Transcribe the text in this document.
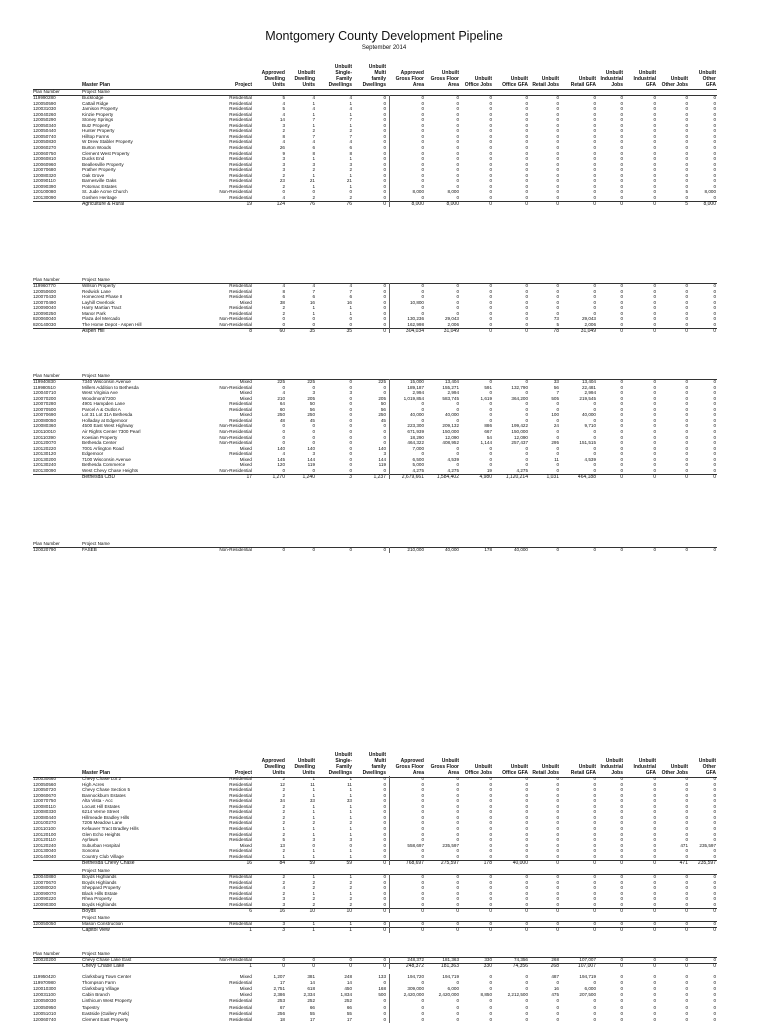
Montgomery County Development Pipeline
September 2014
Master Plan	Project
Approved
Dwelling
Units
Unbuilt
Dwelling
Units
Unbuilt
Single-
Family
Dwellings
Unbuilt
Multi
family
Dwellings
Approved
Gross Floor
Area
Unbuilt
Gross Floor
Area
Unbuilt
Office Jobs
Unbuilt
Office GFA
Unbuilt
Retail Jobs
Unbuilt
Retail GFA
Unbuilt
Industrial
Jobs
Unbuilt
Industrial
GFA
Unbuilt
Other Jobs
Unbuilt
Other
GFA
Plan Number	Project Name
119990280	Bucklodge	Residential	5	4	4	0	0	0	0	0	0	0	0	0	0	0
120050590	Cattail Ridge	Residential	4	1	1	0	0	0	0	0	0	0	0	0	0	0
120031030	Jamison Property	Residential	5	4	4	0	0	0	0	0	0	0	0	0	0	0
120040260	Kinzie Property	Residential	4	1	1	0	0	0	0	0	0	0	0	0	0	0
120050290	Stoney Springs	Residential	14	7	7	0	0	0	0	0	0	0	0	0	0	0
120050340	Butz Property	Residential	3	1	1	0	0	0	0	0	0	0	0	0	0	0
120050440	Hunter Property	Residential	2	2	2	0	0	0	0	0	0	0	0	0	0	0
120050740	Hilltop Farms	Residential	8	7	7	0	0	0	0	0	0	0	0	0	0	0
120050830	W Drew Stabler Property	Residential	4	4	4	0	0	0	0	0	0	0	0	0	0	0
120060270	Burton Woods	Residential	26	6	6	0	0	0	0	0	0	0	0	0	0	0
120060750	Clement West Property	Residential	9	8	8	0	0	0	0	0	0	0	0	0	0	0
120060810	Ducks End	Residential	3	1	1	0	0	0	0	0	0	0	0	0	0	0
120060960	Beallesville Property	Residential	3	3	3	0	0	0	0	0	0	0	0	0	0	0
120070680	Prather Property	Residential	3	2	2	0	0	0	0	0	0	0	0	0	0	0
120080320	Oak Grove	Residential	2	1	1	0	0	0	0	0	0	0	0	0	0	0
120090110	Barnesville Oaks	Residential	23	21	21	0	0	0	0	0	0	0	0	0	0	0
120090390	Potomac Estates	Residential	2	1	1	0	0	0	0	0	0	0	0	0	0	0
120100080	St. Jude Acme Church	Non-Residential	0	0	0	0	8,000	8,000	0	0	0	0	0	0	5	8,000
120130090	Goshen Heritage	Residential	4	2	2	0	0	0	0	0	0	0	0	0	0	0
Agriculture & Rural	19	124	76	76	0	8,000	8,000	0	0	0	0	0	0	5	8,000
Plan Number	Project Name
119960770	Willson Property	Residential	4	4	4	0	0	0	0	0	0	0	0	0	0	0
120050600	Redwick Lane	Residential	8	7	7	0	0	0	0	0	0	0	0	0	0	0
120070430	Homecrest Phase II	Residential	6	6	6	0	0	0	0	0	0	0	0	0	0	0
120070490	Layhill Overlook	Mixed	38	16	16	0	10,800	0	0	0	0	0	0	0	0	0
120090040	Harry Martian Tract	Residential	2	1	1	0	0	0	0	0	0	0	0	0	0	0
120090250	Manor Park	Residential	2	1	1	0	0	0	0	0	0	0	0	0	0	0
820060040	Plaza del Mercado	Non-Residential	0	0	0	0	130,236	29,043	0	0	73	29,043	0	0	0	0
820140030	The Home Depot - Aspen Hill	Non-Residential	0	0	0	0	162,998	2,006	0	0	5	2,006	0	0	0	0
Aspen Hill	8	60	35	35	0	304,034	31,049	0	0	78	31,049	0	0	0	0
Plan Number	Project Name
119940830	7340 Wisconsin Avenue	Mixed	225	225	0	225	15,000	13,404	0	0	33	13,404	0	0	0	0
119980510	Millers Addition to Bethesda	Non-Residential	0	0	0	0	189,187	155,271	591	132,790	56	22,481	0	0	0	0
120040710	West Virginia Ave	Mixed	4	3	3	0	2,994	2,994	0	0	7	2,994	0	0	0	0
120070200	Woodmont/7200	Mixed	210	205	0	205	1,019,854	583,745	1,619	364,200	505	219,545	0	0	0	0
120070280	4901 Hampden Lane	Residential	64	50	0	50	0	0	0	0	0	0	0	0	0	0
120070500	Parcel A & Outlot A	Residential	60	56	0	56	0	0	0	0	0	0	0	0	0	0
120070690	Lot 31 Lot 31A Bethesda	Mixed	250	250	0	250	40,000	40,000	0	0	100	40,000	0	0	0	0
120080050	Holladay at Edgemoor	Residential	48	45	0	45	0	0	0	0	0	0	0	0	0	0
120080360	4500 East West Highway	Non-Residential	0	0	0	0	223,300	209,132	886	199,422	24	9,710	0	0	0	0
120110010	Air Rights Center 7300 Pearl	Non-Residential	0	0	0	0	671,939	150,000	667	150,000	0	0	0	0	0	0
120110390	Koesian Property	Non-Residential	0	0	0	0	18,290	12,090	54	12,090	0	0	0	0	0	0
120120070	Bethesda Center	Non-Residential	0	0	0	0	464,322	408,952	1,144	257,437	295	151,515	0	0	0	0
120120220	7001 Arlington Road	Mixed	140	140	0	140	7,000	0	0	0	0	0	0	0	0	0
120130120	Edgemoor	Residential	4	3	0	3	0	0	0	0	0	0	0	0	0	0
120130200	7100 Wisconsin Avenue	Mixed	145	144	0	144	6,500	4,539	0	0	11	4,539	0	0	0	0
120130240	Bethesda Commerce	Mixed	120	119	0	119	5,000	0	0	0	0	0	0	0	0	0
820130090	West Chevy Chase Heights	Non-Residential	0	0	0	0	4,275	4,275	19	4,275	0	0	0	0	0	0
Bethesda CBD	17	1,270	1,240	3	1,237	2,679,661	1,584,402	4,980	1,120,214	1,031	464,188	0	0	0	0
Plan Number	Project Name
120020790	FASEB	Non-Residential	0	0	0	0	210,000	40,000	178	40,000	0	0	0	0	0	0
Master Plan	Project
Approved
Dwelling
Units
Unbuilt
Dwelling
Units
Unbuilt
Single-
Family
Dwellings
Unbuilt
Multi
family
Dwellings
Approved
Gross Floor
Area
Unbuilt
Gross Floor
Area
Unbuilt
Office Jobs
Unbuilt
Office GFA
Unbuilt
Retail Jobs
Unbuilt
Retail GFA
Unbuilt
Industrial
Jobs
Unbuilt
Industrial
GFA
Unbuilt
Other Jobs
Unbuilt
Other
GFA
120030660	Chevy Chase Lot 2	Residential	2	1	1	0	0	0	0	0	0	0	0	0	0	0
120050560	High Acres	Residential	12	11	11	0	0	0	0	0	0	0	0	0	0	0
120050720	Chevy Chase Section 5	Residential	2	1	1	0	0	0	0	0	0	0	0	0	0	0
120060670	Bannockburn Estates	Residential	2	1	1	0	0	0	0	0	0	0	0	0	0	0
120070750	Alta Vista - Acc	Residential	34	33	33	0	0	0	0	0	0	0	0	0	0	0
120080110	Locust Hill Estates	Residential	2	1	1	0	0	0	0	0	0	0	0	0	0	0
120080330	6214 Verne Street	Residential	2	1	1	0	0	0	0	0	0	0	0	0	0	0
120080440	Hillmeade Bradley Hills	Residential	2	1	1	0	0	0	0	0	0	0	0	0	0	0
120100270	7206 Meadow Lane	Residential	2	2	2	0	0	0	0	0	0	0	0	0	0	0
120110100	Kefauver Tract Bradley Hills	Residential	1	1	1	0	0	0	0	0	0	0	0	0	0	0
120120100	Glen Echo Heights	Residential	2	1	1	0	0	0	0	0	0	0	0	0	0	0
120120110	Ayrlawn	Residential	5	3	3	0	0	0	0	0	0	0	0	0	0	0
120120240	Suburban Hospital	Mixed	13	0	0	0	558,697	235,597	0	0	0	0	0	0	471	235,597
120130040	Sonoma	Residential	2	1	1	0	0	0	0	0	0	0	0	0	0	0
120140040	Country Club Village	Residential	1	1	1	0	0	0	0	0	0	0	0	0	0	0
Bethesda Chevy Chase	16	84	59	59	0	768,697	275,597	178	40,000	0	0	0	0	471	235,597
Project Name
120040880	Boyds Highlands	Residential	2	1	1	0	0	0	0	0	0	0	0	0	0	0
120070670	Boyds Highlands	Residential	2	2	2	0	0	0	0	0	0	0	0	0	0	0
120080020	Sheppard Property	Residential	4	2	2	0	0	0	0	0	0	0	0	0	0	0
120090070	Black Hills Estate	Residential	2	1	1	0	0	0	0	0	0	0	0	0	0	0
120090220	Rhea Property	Residential	3	2	2	0	0	0	0	0	0	0	0	0	0	0
120090300	Boyds Highlands	Residential	3	2	2	0	0	0	0	0	0	0	0	0	0	0
Boyds	6	16	10	10	0	0	0	0	0	0	0	0	0	0	0
Project Name
120050050	Mason Construction	Residential	3	1	1	0	0	0	0	0	0	0	0	0	0	0
Capitol View	1	3	1	1	0	0	0	0	0	0	0	0	0	0	0
Plan Number	Project Name
120020200	Chevy Chase Lake East	Non-Residential	0	0	0	0	248,372	181,363	330	74,356	268	107,007	0	0	0	0
Chevy Chase Lake	1	0	0	0	0	248,372	181,363	330	74,356	268	107,007	0	0	0	0
119950420	Clarksburg Town Center	Mixed	1,207	381	248	133	194,720	194,719	0	0	487	194,719	0	0	0	0
119970980	Thompson Farm	Residential	17	14	14	0	0	0	0	0	0	0	0	0	0	0
120010300	Clarksburg Village	Mixed	2,751	618	450	168	309,000	6,000	0	0	16	6,000	0	0	0	0
120031100	Cabin Branch	Mixed	2,386	2,334	1,834	500	2,420,000	2,420,000	8,850	2,212,500	475	207,500	0	0	0	0
120050030	Linthicum West Property	Residential	253	252	252	0	0	0	0	0	0	0	0	0	0	0
120050950	Tapestry	Residential	67	66	66	0	0	0	0	0	0	0	0	0	0	0
120051010	Eastside (Gallery Park)	Residential	256	55	55	0	0	0	0	0	0	0	0	0	0	0
120060740	Clement East Property	Residential	18	17	17	0	0	0	0	0	0	0	0	0	0	0
